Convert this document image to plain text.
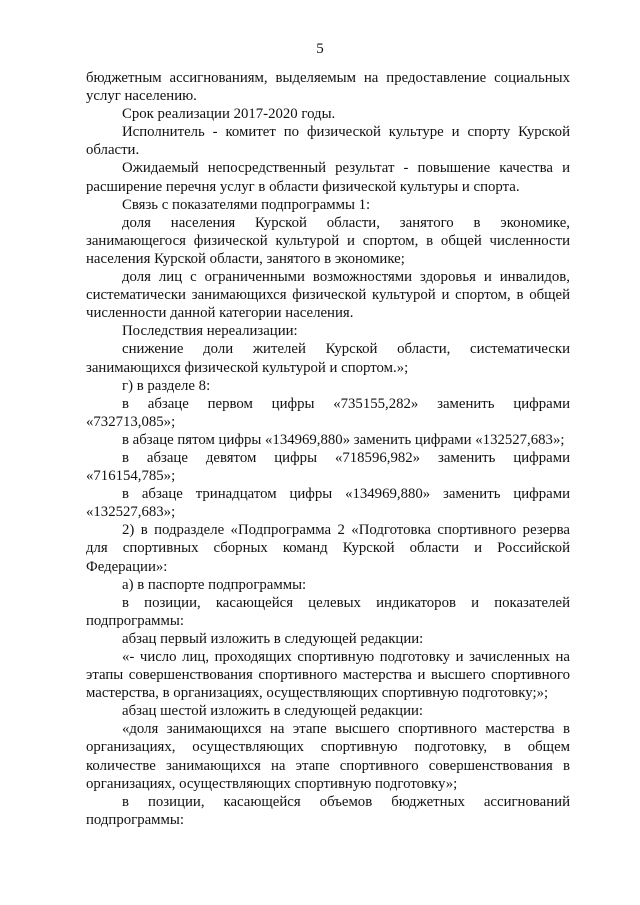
5

бюджетным ассигнованиям, выделяемым на предоставление социальных услуг населению.

Срок реализации 2017-2020 годы.

Исполнитель - комитет по физической культуре и спорту Курской области.

Ожидаемый непосредственный результат - повышение качества и расширение перечня услуг в области физической культуры и спорта.

Связь с показателями подпрограммы 1:

доля населения Курской области, занятого в экономике, занимающегося физической культурой и спортом, в общей численности населения Курской области, занятого в экономике;

доля лиц с ограниченными возможностями здоровья и инвалидов, систематически занимающихся физической культурой и спортом, в общей численности данной категории населения.

Последствия нереализации:

снижение доли жителей Курской области, систематически занимающихся физической культурой и спортом.»;

г) в разделе 8:

в абзаце первом цифры «735155,282» заменить цифрами «732713,085»;

в абзаце пятом цифры «134969,880» заменить цифрами «132527,683»;

в абзаце девятом цифры «718596,982» заменить цифрами «716154,785»;

в абзаце тринадцатом цифры «134969,880» заменить цифрами «132527,683»;

2) в подразделе «Подпрограмма 2 «Подготовка спортивного резерва для спортивных сборных команд Курской области и Российской Федерации»:

а) в паспорте подпрограммы:

в позиции, касающейся целевых индикаторов и показателей подпрограммы:

абзац первый изложить в следующей редакции:

«- число лиц, проходящих спортивную подготовку и зачисленных на этапы совершенствования спортивного мастерства и высшего спортивного мастерства, в организациях, осуществляющих спортивную подготовку;»;

абзац шестой изложить в следующей редакции:

«доля занимающихся на этапе высшего спортивного мастерства в организациях, осуществляющих спортивную подготовку, в общем количестве занимающихся на этапе спортивного совершенствования в организациях, осуществляющих спортивную подготовку»;

в позиции, касающейся объемов бюджетных ассигнований подпрограммы:
